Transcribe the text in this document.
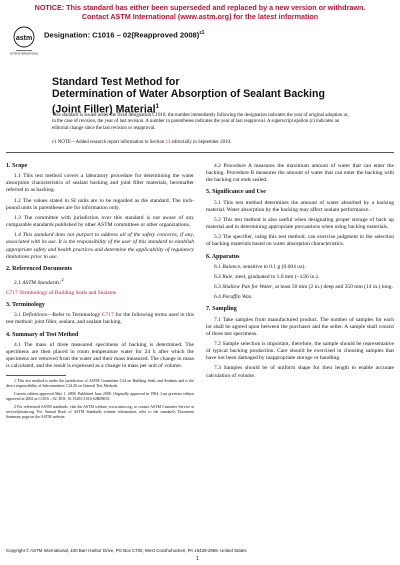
NOTICE: This standard has either been superseded and replaced by a new version or withdrawn.
Contact ASTM International (www.astm.org) for the latest information
astm
ASTM INTERNATIONAL
Designation: C1016 – 02(Reapproved 2008)$^{\varepsilon 1}$
Standard Test Method for
Determination of Water Absorption of Sealant Backing
(Joint Filler) Material$^1$
This standard is issued under the fixed designation C1016; the number immediately following the designation indicates the year of original adoption or, in the case of revision, the year of last revision. A number in parentheses indicates the year of last reapproval. A superscript epsilon (ε) indicates an editorial change since the last revision or reapproval.
ε1 NOTE—Added research report information to Section 13 editorially in September 2010.
1. Scope

1.1 This test method covers a laboratory procedure for determining the water absorption characteristics of sealant backing and joint filler materials, hereinafter referred to as backing.

1.2 The values stated in SI units are to be regarded as the standard. The inch-pound units in parentheses are for information only.

1.3 The committee with jurisdiction over this standard is not aware of any comparable standards published by other ASTM committees or other organizations.

1.4 This standard does not purport to address all of the safety concerns, if any, associated with its use. It is the responsibility of the user of this standard to establish appropriate safety and health practices and determine the applicability of regulatory limitations prior to use.

2. Referenced Documents

2.1 ASTM Standards:$^2$

C717 Terminology of Building Seals and Sealants

3. Terminology

3.1 Definitions—Refer to Terminology C717 for the following terms used in this test method: joint filler, sealant, and sealant backing.

4. Summary of Test Method

4.1 The mass of three measured specimens of backing is determined. The specimens are then placed in room temperature water for 24 h after which the specimens are removed from the water and their mass measured. The change in mass is calculated, and the result is expressed as a change in mass per unit of volume.

1 This test method is under the jurisdiction of ASTM Committee C24 on Building Seals and Sealants and is the direct responsibility of Subcommittee C24.20 on General Test Methods.

Current edition approved May 1, 2008. Published June 2008. Originally approved in 1984. Last previous edition approved in 2002 as C1016 – 02. DOI: 10.1520/C1016-02R08E01.

2 For referenced ASTM standards, visit the ASTM website, www.astm.org, or contact ASTM Customer Service at service@astm.org. For Annual Book of ASTM Standards volume information, refer to the standard's Document Summary page on the ASTM website.

4.2 Procedure A measures the maximum amount of water that can enter the backing. Procedure B measures the amount of water that can enter the backing with the backing cut ends sealed.

5. Significance and Use

5.1 This test method determines the amount of water absorbed by a backing material. Water absorption by the backing may affect sealant performance.

5.2 This test method is also useful when designating proper storage of back up material and in determining appropriate precautions when using backing materials.

5.3 The specifier, using this test method, can exercise judgment in the selection of backing materials based on water absorption characteristics.

6. Apparatus

6.1 Balance, sensitive to 0.1 g (0.004 oz).

6.2 Rule, steel, graduated to 1.0 mm (~1⁄26 in.).

6.3 Shallow Pan for Water, at least 50 mm (2 in.) deep and 350 mm (14 in.) long.

6.4 Paraffin Wax.

7. Sampling

7.1 Take samples from manufactured product. The number of samples for each lot shall be agreed upon between the purchaser and the seller. A sample shall consist of three test specimens.

7.2 Sample selection is important, therefore, the sample should be representative of typical backing production. Care should be exercised in choosing samples that have not been damaged by inappropriate storage or handling.

7.3 Samples should be of uniform shape for their length to enable accurate calculation of volume.

Copyright © ASTM International, 100 Barr Harbor Drive, PO Box C700, West Conshohocken, PA 19428-2959. United States
1
